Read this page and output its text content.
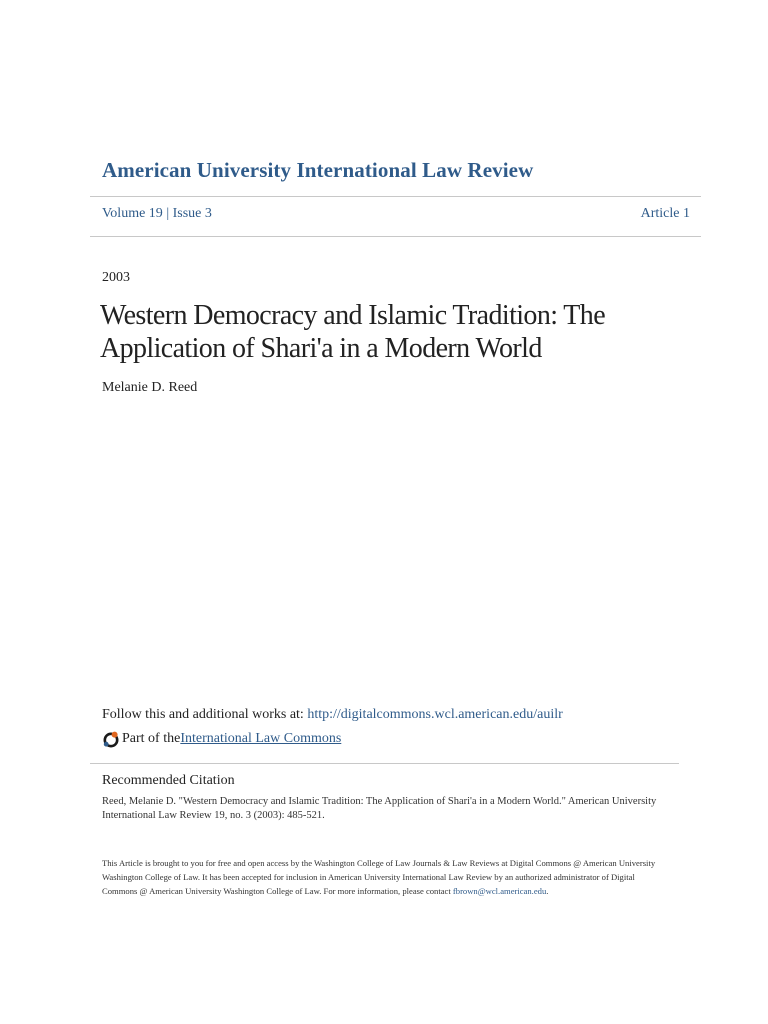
American University International Law Review
Volume 19 | Issue 3	Article 1
2003
Western Democracy and Islamic Tradition: The Application of Shari'a in a Modern World
Melanie D. Reed
Follow this and additional works at: http://digitalcommons.wcl.american.edu/auilr
Part of the International Law Commons
Recommended Citation
Reed, Melanie D. "Western Democracy and Islamic Tradition: The Application of Shari'a in a Modern World." American University International Law Review 19, no. 3 (2003): 485-521.
This Article is brought to you for free and open access by the Washington College of Law Journals & Law Reviews at Digital Commons @ American University Washington College of Law. It has been accepted for inclusion in American University International Law Review by an authorized administrator of Digital Commons @ American University Washington College of Law. For more information, please contact fbrown@wcl.american.edu.
